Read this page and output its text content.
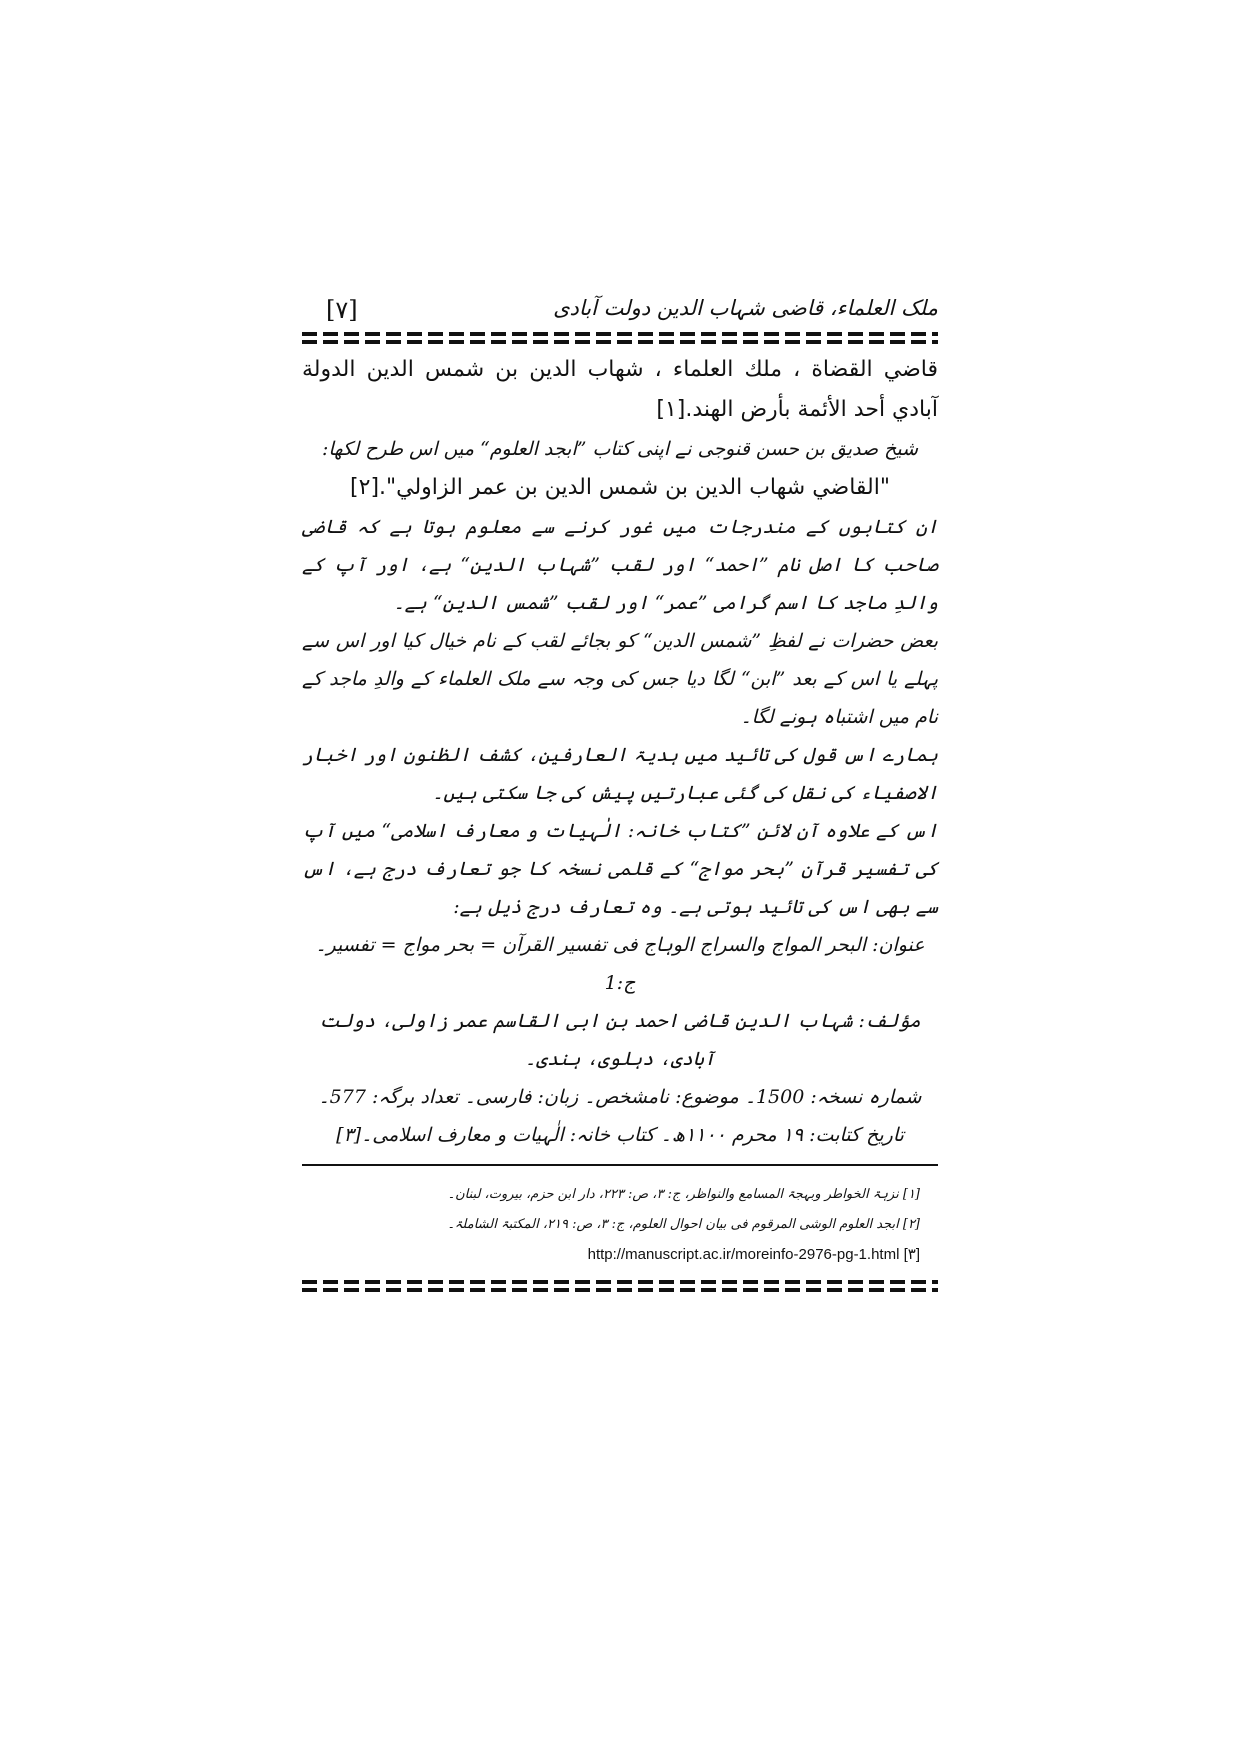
ملک العلماء، قاضی شہاب الدین دولت آبادی
[۷]

قاضي القضاة ، ملك العلماء ، شهاب الدين بن شمس الدين الدولة آبادي أحد الأئمة بأرض الهند.[۱]

شیخ صدیق بن حسن قنوجی نے اپنی کتاب ”ابجد العلوم“ میں اس طرح لکھا:

"القاضي شهاب الدين بن شمس الدين بن عمر الزاولي".[۲]

ان کتابوں کے مندرجات میں غور کرنے سے معلوم ہوتا ہے کہ قاضی صاحب کا اصل نام ”احمد“ اور لقب ”شہاب الدین“ ہے، اور آپ کے والدِ ماجد کا اسم گرامی ”عمر“ اور لقب ”شمس الدین“ ہے۔

بعض حضرات نے لفظِ ”شمس الدین“ کو بجائے لقب کے نام خیال کیا اور اس سے پہلے یا اس کے بعد ”ابن“ لگا دیا جس کی وجہ سے ملک العلماء کے والدِ ماجد کے نام میں اشتباہ ہونے لگا۔

ہمارے اس قول کی تائید میں ہدیۃ العارفین، کشف الظنون اور اخبار الاصفیاء کی نقل کی گئی عبارتیں پیش کی جا سکتی ہیں۔

اس کے علاوہ آن لائن ”کتاب خانہ: الٰہیات و معارف اسلامی“ میں آپ کی تفسیر قرآن ”بحر مواج“ کے قلمی نسخہ کا جو تعارف درج ہے، اس سے بھی اس کی تائید ہوتی ہے۔ وہ تعارف درج ذیل ہے:

عنوان: البحر المواج والسراج الوہاج فی تفسیر القرآن = بحر مواج = تفسیر۔ ج:1

مؤلف: شہاب الدین قاضی احمد بن ابی القاسم عمر زاولی، دولت آبادی، دہلوی، ہندی۔

شمارہ نسخہ: 1500۔ موضوع: نامشخص۔ زبان: فارسی۔ تعداد برگہ: 577۔

تاریخ کتابت: ۱۹ محرم ۱۱۰۰ھ۔ کتاب خانہ: الٰہیات و معارف اسلامی۔[۳]

[۱] نزہۃ الخواطر وبہجۃ المسامع والنواظر، ج: ۳، ص: ۲۲۳، دار ابن حزم، بیروت، لبنان۔
[۲] ابجد العلوم الوشی المرقوم فی بیان احوال العلوم، ج: ۳، ص: ۲۱۹، المکتبۃ الشاملۃ۔
http://manuscript.ac.ir/moreinfo-2976-pg-1.html [۳]
